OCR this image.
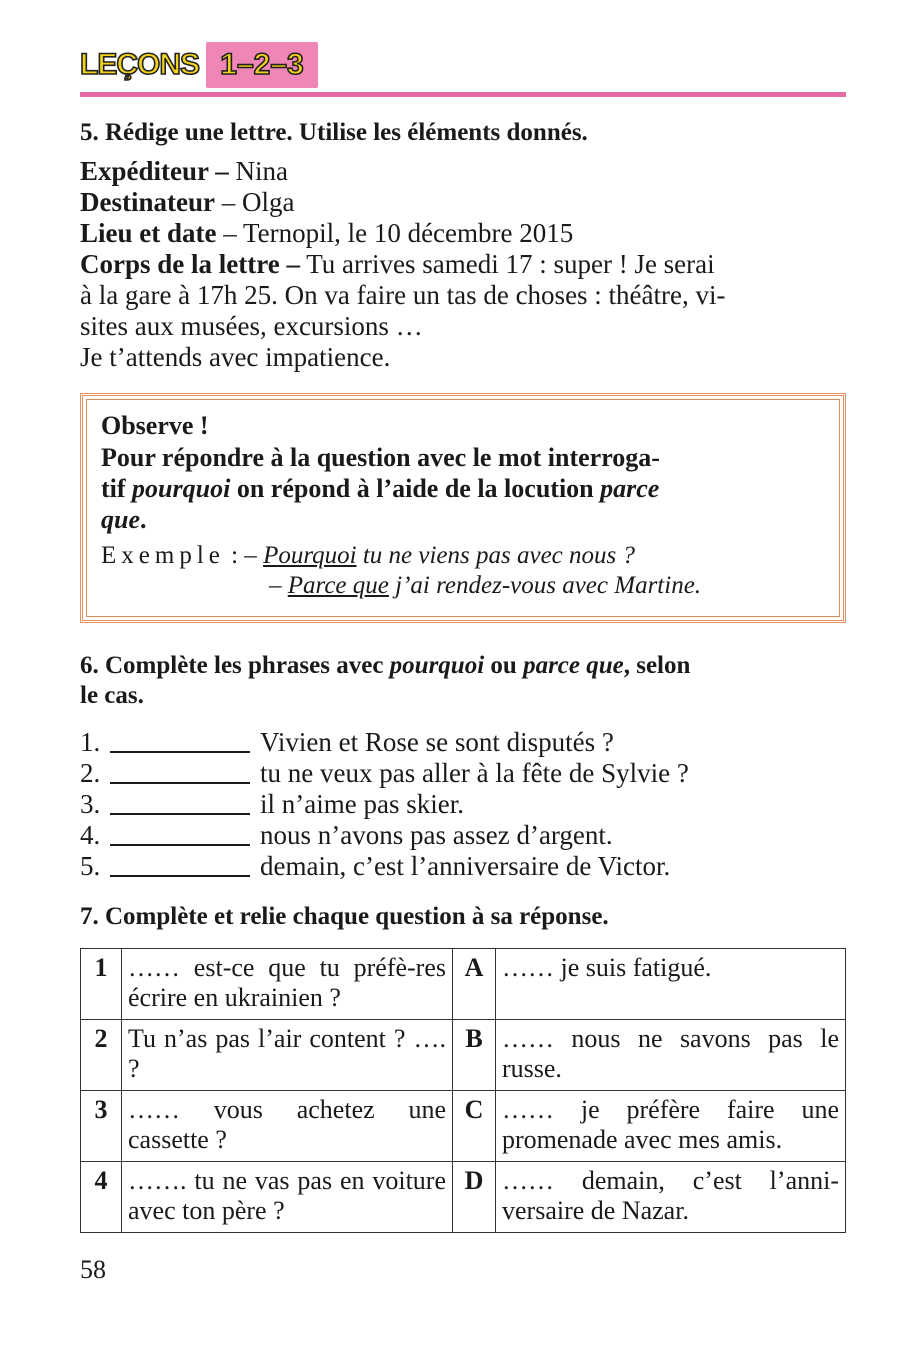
LEÇONS 1–2–3
5. Rédige une lettre. Utilise les éléments donnés.
Expéditeur – Nina
Destinateur – Olga
Lieu et date – Ternopil, le 10 décembre 2015
Corps de la lettre – Tu arrives samedi 17 : super ! Je serai
à la gare à 17h 25. On va faire un tas de choses : théâtre, vi-
sites aux musées, excursions …
Je t’attends avec impatience.
Observe !
Pour répondre à la question avec le mot interroga-
tif pourquoi on répond à l’aide de la locution parce
que.
Exemple : – Pourquoi tu ne viens pas avec nous ?
– Parce que j’ai rendez-vous avec Martine.
6. Complète les phrases avec pourquoi ou parce que, selon
le cas.
1.	Vivien et Rose se sont disputés ?
2.	tu ne veux pas aller à la fête de Sylvie ?
3.	il n’aime pas skier.
4.	nous n’avons pas assez d’argent.
5.	demain, c’est l’anniversaire de Victor.
7. Complète et relie chaque question à sa réponse.
1	…… est-ce que tu préfè-res écrire en ukrainien ?	A	…… je suis fatigué.
2	Tu n’as pas l’air content ? …. ?	B	…… nous ne savons pas le russe.
3	…… vous achetez une cassette ?	C	…… je préfère faire une promenade avec mes amis.
4	……. tu ne vas pas en voiture avec ton père ?	D	…… demain, c’est l’anni-versaire de Nazar.
58
